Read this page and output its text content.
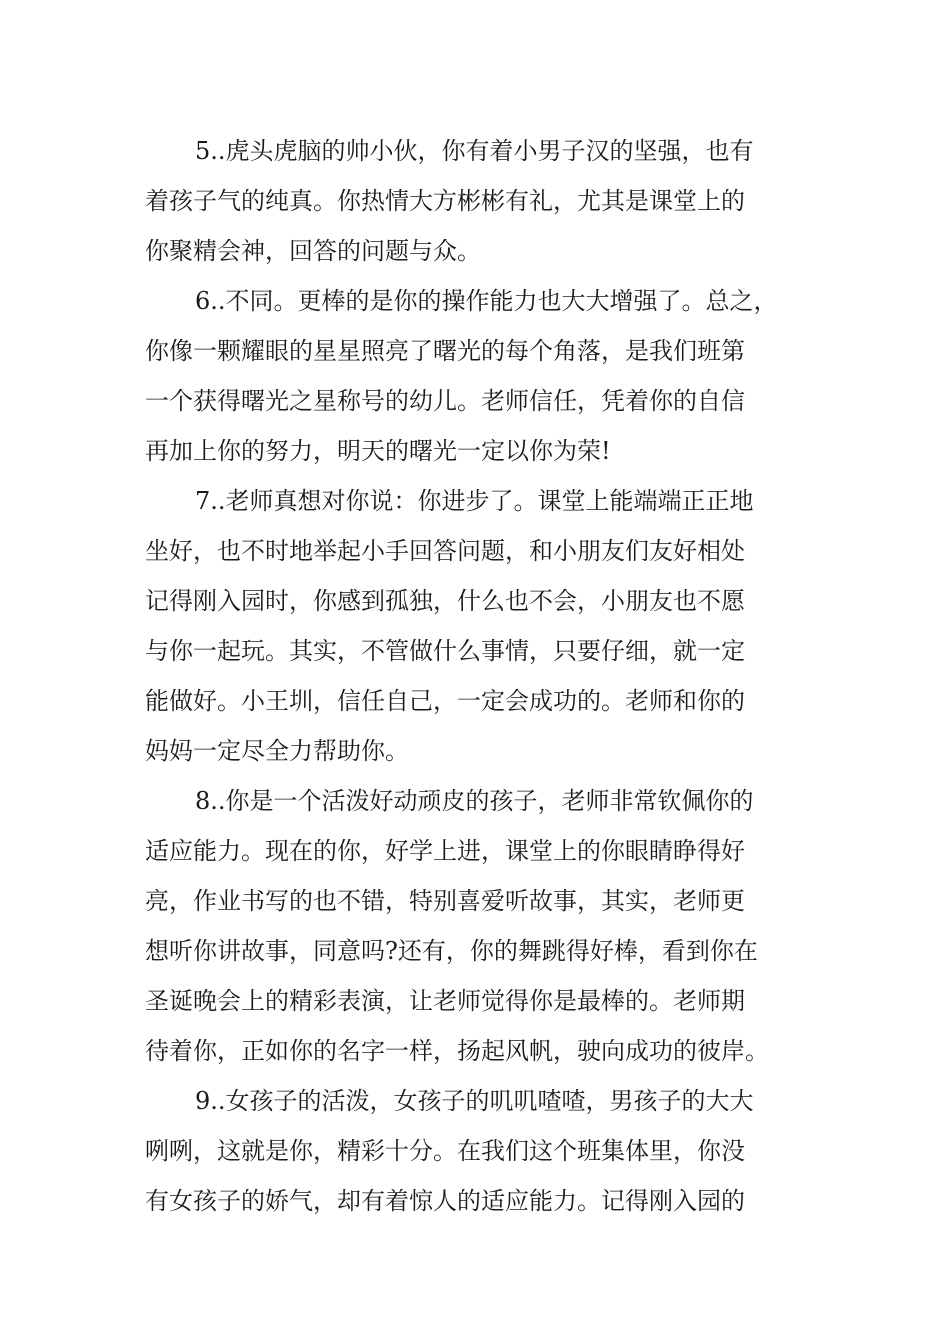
5..虎头虎脑的帅小伙，你有着小男子汉的坚强，也有
着孩子气的纯真。你热情大方彬彬有礼，尤其是课堂上的
你聚精会神，回答的问题与众。
6..不同。更棒的是你的操作能力也大大增强了。总之，
你像一颗耀眼的星星照亮了曙光的每个角落，是我们班第
一个获得曙光之星称号的幼儿。老师信任，凭着你的自信
再加上你的努力，明天的曙光一定以你为荣!
7..老师真想对你说：你进步了。课堂上能端端正正地
坐好，也不时地举起小手回答问题，和小朋友们友好相处
记得刚入园时，你感到孤独，什么也不会，小朋友也不愿
与你一起玩。其实，不管做什么事情，只要仔细，就一定
能做好。小王圳，信任自己，一定会成功的。老师和你的
妈妈一定尽全力帮助你。
8..你是一个活泼好动顽皮的孩子，老师非常钦佩你的
适应能力。现在的你，好学上进，课堂上的你眼睛睁得好
亮，作业书写的也不错，特别喜爱听故事，其实，老师更
想听你讲故事，同意吗?还有，你的舞跳得好棒，看到你在
圣诞晚会上的精彩表演，让老师觉得你是最棒的。老师期
待着你，正如你的名字一样，扬起风帆，驶向成功的彼岸。
9..女孩子的活泼，女孩子的叽叽喳喳，男孩子的大大
咧咧，这就是你，精彩十分。在我们这个班集体里，你没
有女孩子的娇气，却有着惊人的适应能力。记得刚入园的
